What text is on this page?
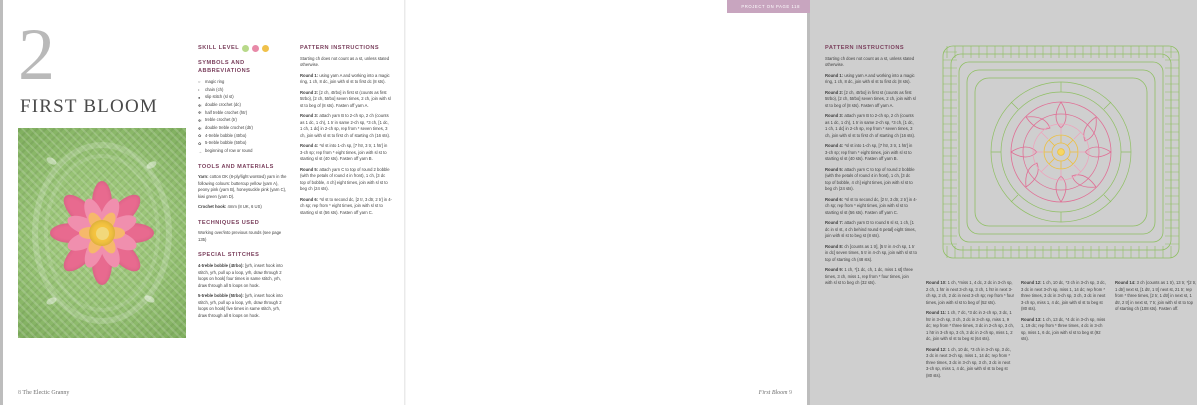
2
FIRST BLOOM
SKILL LEVEL
SYMBOLS AND ABBREVIATIONS
○ magic ring
• chain (ch)
● slip stitch (sl st)
✠ double crochet (dc)
✠ half treble crochet (htr)
✠ treble crochet (tr)
✠ double treble crochet (dtr)
✿ 4-treble bobble (4trbo)
✿ 5-treble bobble (5trbo)
→ beginning of row or round
TOOLS AND MATERIALS

Yarn: cotton DK (8-ply/light worsted) yarn in the following colours: buttercup yellow (yarn A), peony pink (yarn B), honeysuckle pink (yarn C), kiwi green (yarn D).

Crochet hook: 4mm (8 UK, 6 US)

TECHNIQUES USED

Working over/into previous rounds (see page 135)

SPECIAL STITCHES

4-treble bobble (4trbo): [yrh, insert hook into stitch, yrh, pull up a loop, yrh, draw through 2 loops on hook] four times in same stitch, yrh, draw through all 5 loops on hook.

5-treble bobble (5trbo): [yrh, insert hook into stitch, yrh, pull up a loop, yrh, draw through 2 loops on hook] five times in same stitch, yrh, draw through all 6 loops on hook.

PATTERN INSTRUCTIONS

Starting ch does not count as a st, unless stated otherwise.

Round 1: using yarn A and working into a magic ring, 1 ch, 8 dc, join with sl st to first dc (8 sts).

Round 2: [2 ch, 4trbo] in first st (counts as first 5trbo), [2 ch, 5trbo] seven times, 2 ch, join with sl st to beg of (8 sts). Fasten off yarn A.

Round 3: attach yarn B to 2-ch sp, 2 ch (counts as 1 dc, 1 ch), 1 tr in same 2-ch sp, *3 ch, [1 dc, 1 ch, 1 dc] in 2-ch sp, rep from * seven times, 3 ch, join with sl st to first ch of starting ch (16 sts).

Round 4: *sl st into 1-ch sp, [7 htr, 3 tr, 1 htr] in 3-ch sp; rep from * eight times, join with sl st to starting sl st (40 sts). Fasten off yarn B.

Round 5: attach yarn C to top of round 2 bobble (with the petals of round 4 in front), 1 ch, [3 dc top of bobble, 4 ch] eight times, join with sl st to beg ch (24 sts).

Round 6: *sl st to second dc, [2 tr, 3 dtr, 2 tr] in 4-ch sp; rep from * eight times, join with sl st to starting sl st (56 sts). Fasten off yarn C.

8 The Electic Granny
PROJECT ON PAGE 118
PATTERN INSTRUCTIONS

Starting ch does not count as a st, unless stated otherwise.

Round 1: using yarn A and working into a magic ring, 1 ch, 8 dc, join with sl st to first dc (8 sts).

Round 2: [2 ch, 4trbo] in first st (counts as first 5trbo), [2 ch, 5trbo] seven times, 2 ch, join with sl st to beg of (8 sts). Fasten off yarn A.

Round 3: attach yarn B to 2-ch sp, 2 ch (counts as 1 dc, 1 ch), 1 tr in same 2-ch sp, *3 ch, [1 dc, 1 ch, 1 dc] in 2-ch sp, rep from * seven times, 3 ch, join with sl st to first ch of starting ch (16 sts).

Round 4: *sl st into 1-ch sp, [7 htr, 3 tr, 1 htr] in 3-ch sp; rep from * eight times, join with sl st to starting sl st (40 sts). Fasten off yarn B.

Round 5: attach yarn C to top of round 2 bobble (with the petals of round 4 in front), 1 ch, [3 dc top of bobble, 4 ch] eight times, join with sl st to beg ch (24 sts).

Round 6: *sl st to second dc, [2 tr, 3 dtr, 2 tr] in 4-ch sp; rep from * eight times, join with sl st to starting sl st (56 sts). Fasten off yarn C.

Round 7: attach yarn D to round 6 sl st, 1 ch, [1 dc in sl st, 4 ch behind round 6 petal] eight times, join with sl st to beg st (8 sts).

Round 8: ch [counts as 1 tr], [5 tr in 4-ch sp, 1 tr in dc] seven times, 5 tr in 4-ch sp, join with sl st to top of starting ch (48 sts).

Round 9: 1 ch, *[1 dc, ch, 1 dc, miss 1 st] three times, 3 ch, miss 1, rep from * four times, join with sl st to beg ch (32 sts).	Round 10: 1 ch, *miss 1, 4 dc, 2 dc in 3-ch sp, 2 ch, 1 htr in next 3-ch sp, 3 ch, 1 htr in next 3-ch sp, 2 ch, 2 dc in next 3-ch sp; rep from * four times, join with sl st to beg of (52 sts).

Round 11: 1 ch, 7 dc, *3 dc in 2-ch sp, 3 dc, 1 htr in 3-ch sp, 3 ch, 3 dc in 3-ch sp, miss 1, 9 dc; rep from * three times, 3 dc in 2-ch sp, 3 ch, 1 htr in 3-ch sp, 3 ch, 3 dc in 2-ch sp, miss 1, 2 dc, join with sl st to beg st (64 sts).

Round 12: 1 ch, 10 dc, *3 ch in 3-ch sp, 3 dc, 3 dc in next 3-ch sp, miss 1, 14 dc; rep from * three times, 3 dc in 3-ch sp, 3 ch, 3 dc in next 3-ch sp, miss 1, 4 dc, join with sl st to beg st (80 sts).

Round 12: 1 ch, 10 dc, *3 ch in 3-ch sp, 3 dc, 3 dc in next 3-ch sp, miss 1, 14 dc; rep from * three times, 3 dc in 3-ch sp, 3 ch, 3 dc in next 3-ch sp, miss 1, 4 dc, join with sl st to beg st (80 sts).

Round 13: 1 ch, 13 dc, *4 dc in 3-ch sp, miss 1, 19 dc; rep from * three times, 4 dc in 3-ch sp, miss 1, 6 dc, join with sl st to beg st (92 sts).

Round 14: 3 ch (counts as 1 tr), 13 tr, *[2 tr, 1 dtr] next st, [1 dtr, 1 tr] next st, 21 tr; rep from * three times, [2 tr, 1 dtr] in next st, 1 dtr, 2 tr] in next st, 7 tr, join with sl st to top of starting ch (108 sts). Fasten off.

First Bloom 9
